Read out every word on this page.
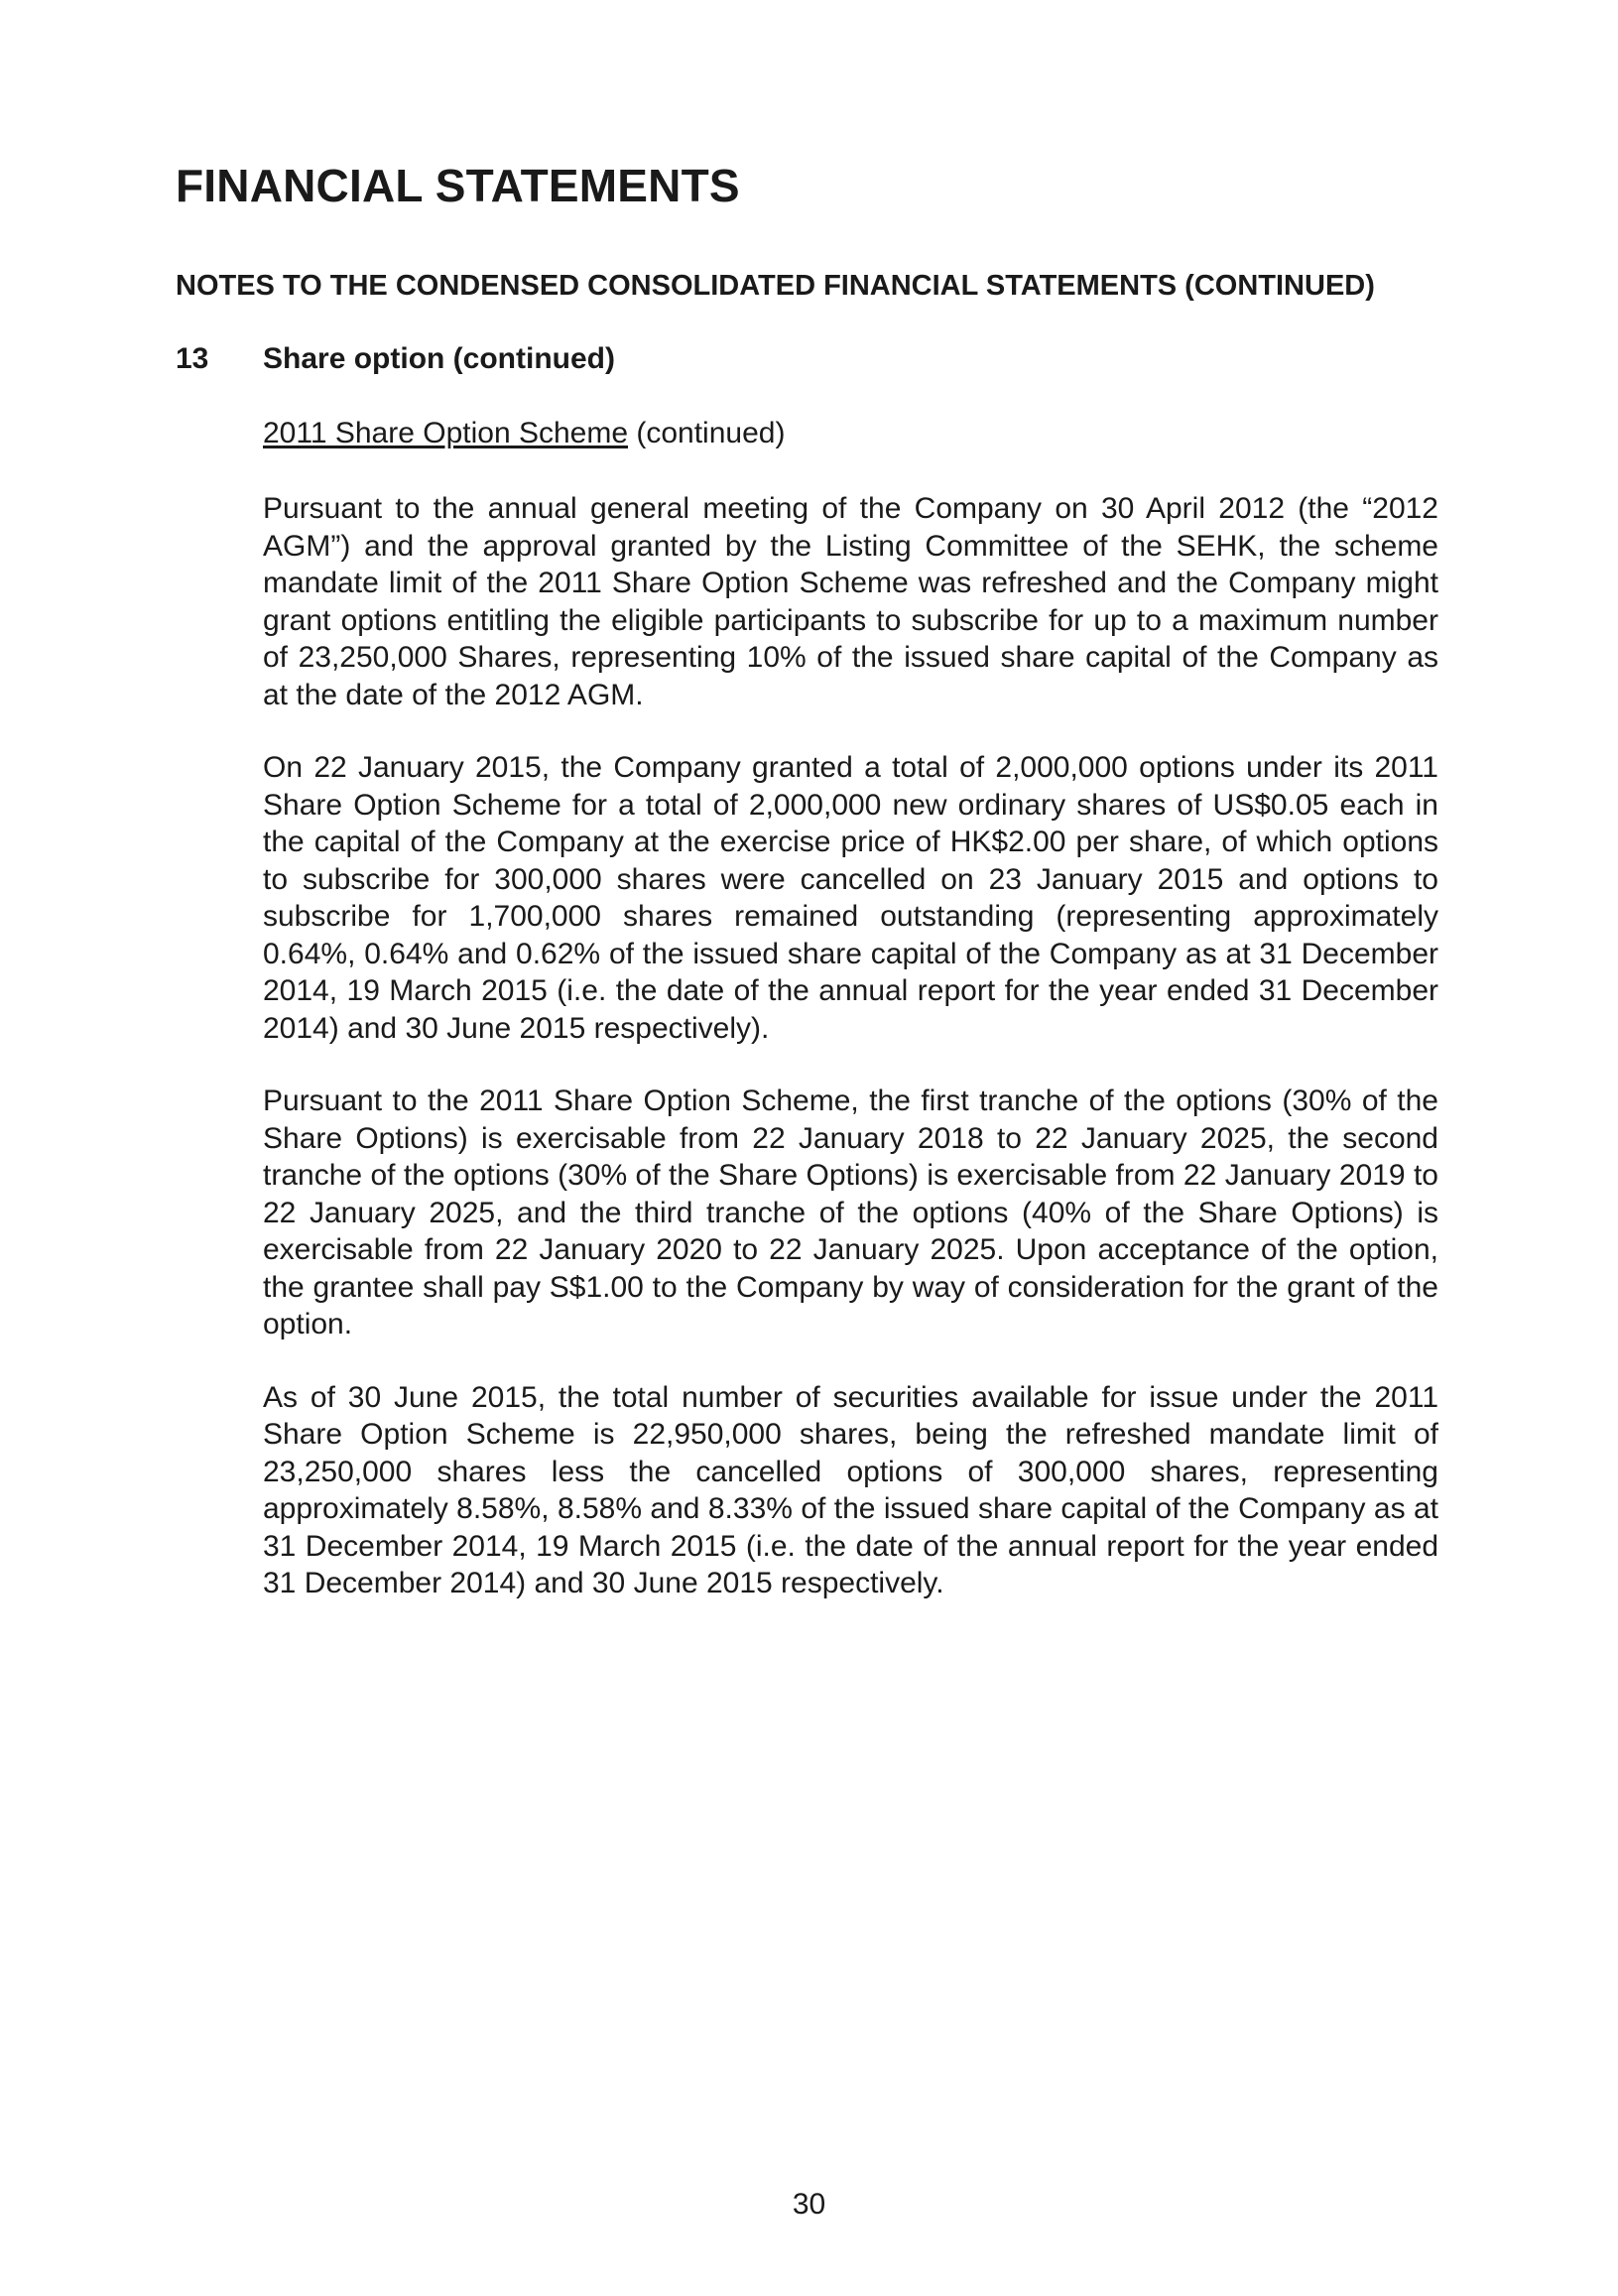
FINANCIAL STATEMENTS
NOTES TO THE CONDENSED CONSOLIDATED FINANCIAL STATEMENTS (CONTINUED)
13 Share option (continued)
2011 Share Option Scheme (continued)

Pursuant to the annual general meeting of the Company on 30 April 2012 (the “2012 AGM”) and the approval granted by the Listing Committee of the SEHK, the scheme mandate limit of the 2011 Share Option Scheme was refreshed and the Company might grant options entitling the eligible participants to subscribe for up to a maximum number of 23,250,000 Shares, representing 10% of the issued share capital of the Company as at the date of the 2012 AGM.

On 22 January 2015, the Company granted a total of 2,000,000 options under its 2011 Share Option Scheme for a total of 2,000,000 new ordinary shares of US$0.05 each in the capital of the Company at the exercise price of HK$2.00 per share, of which options to subscribe for 300,000 shares were cancelled on 23 January 2015 and options to subscribe for 1,700,000 shares remained outstanding (representing approximately 0.64%, 0.64% and 0.62% of the issued share capital of the Company as at 31 December 2014, 19 March 2015 (i.e. the date of the annual report for the year ended 31 December 2014) and 30 June 2015 respectively).

Pursuant to the 2011 Share Option Scheme, the first tranche of the options (30% of the Share Options) is exercisable from 22 January 2018 to 22 January 2025, the second tranche of the options (30% of the Share Options) is exercisable from 22 January 2019 to 22 January 2025, and the third tranche of the options (40% of the Share Options) is exercisable from 22 January 2020 to 22 January 2025. Upon acceptance of the option, the grantee shall pay S$1.00 to the Company by way of consideration for the grant of the option.

As of 30 June 2015, the total number of securities available for issue under the 2011 Share Option Scheme is 22,950,000 shares, being the refreshed mandate limit of 23,250,000 shares less the cancelled options of 300,000 shares, representing approximately 8.58%, 8.58% and 8.33% of the issued share capital of the Company as at 31 December 2014, 19 March 2015 (i.e. the date of the annual report for the year ended 31 December 2014) and 30 June 2015 respectively.

30
